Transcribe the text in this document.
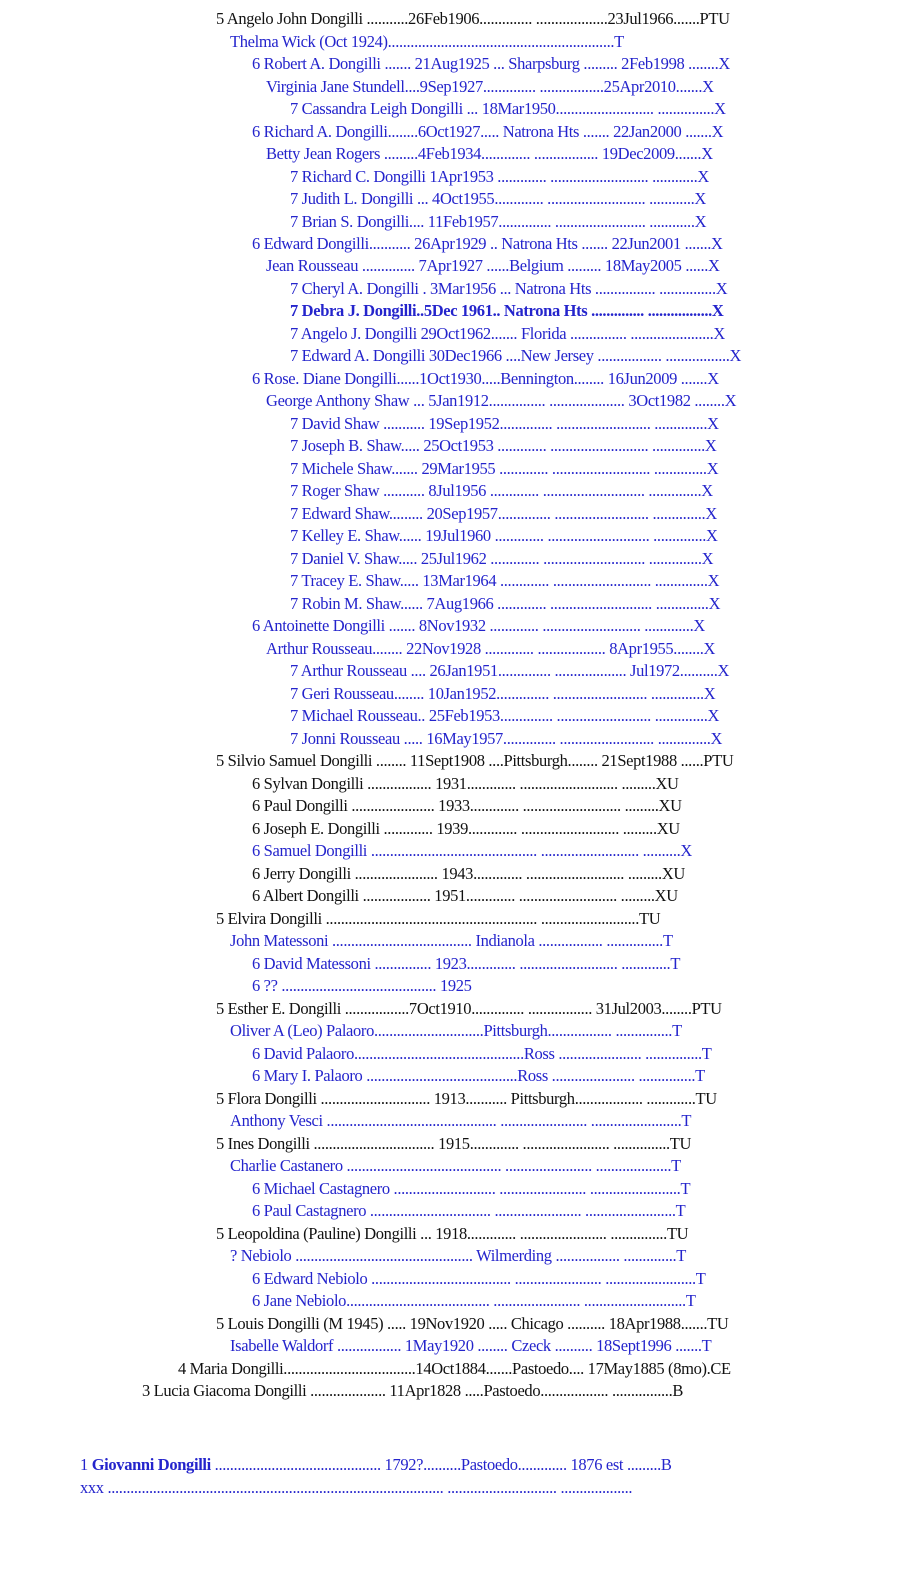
5 Angelo John Dongilli ...........26Feb1906.............. ...................23Jul1966.......PTU
Thelma Wick (Oct 1924)............................................................T
6 Robert A. Dongilli ....... 21Aug1925 ... Sharpsburg ......... 2Feb1998 ........X
Virginia Jane Stundell....9Sep1927.............. .................25Apr2010.......X
7 Cassandra Leigh Dongilli ... 18Mar1950.......................... ...............X
6 Richard A. Dongilli........6Oct1927..... Natrona Hts ....... 22Jan2000 .......X
Betty Jean Rogers .........4Feb1934............. ................. 19Dec2009.......X
7 Richard C. Dongilli 1Apr1953 ............. .......................... ............X
7 Judith L. Dongilli ... 4Oct1955............. .......................... ............X
7 Brian S. Dongilli.... 11Feb1957.............. ........................ ............X
6 Edward Dongilli........... 26Apr1929 .. Natrona Hts ....... 22Jun2001 .......X
Jean Rousseau .............. 7Apr1927 ......Belgium ......... 18May2005 ......X
7 Cheryl A. Dongilli . 3Mar1956 ... Natrona Hts ................ ...............X
7 Debra J. Dongilli..5Dec 1961.. Natrona Hts .............. .................X
7 Angelo J. Dongilli 29Oct1962....... Florida ............... ......................X
7 Edward A. Dongilli 30Dec1966 ....New Jersey ................. .................X
6 Rose. Diane Dongilli......1Oct1930.....Bennington........ 16Jun2009 .......X
George Anthony Shaw ... 5Jan1912............... .................... 3Oct1982 ........X
7 David Shaw ........... 19Sep1952.............. ......................... ..............X
7 Joseph B. Shaw..... 25Oct1953 ............. .......................... ..............X
7 Michele Shaw....... 29Mar1955 ............. .......................... ..............X
7 Roger Shaw ........... 8Jul1956 ............. ........................... ..............X
7 Edward Shaw......... 20Sep1957.............. ......................... ..............X
7 Kelley E. Shaw...... 19Jul1960 ............. ........................... ..............X
7 Daniel V. Shaw..... 25Jul1962 ............. ........................... ..............X
7 Tracey E. Shaw..... 13Mar1964 ............. .......................... ..............X
7 Robin M. Shaw...... 7Aug1966 ............. ........................... ..............X
6 Antoinette Dongilli ....... 8Nov1932 ............. .......................... .............X
Arthur Rousseau........ 22Nov1928 ............. .................. 8Apr1955........X
7 Arthur Rousseau .... 26Jan1951.............. ................... Jul1972..........X
7 Geri Rousseau........ 10Jan1952.............. ......................... ..............X
7 Michael Rousseau.. 25Feb1953.............. ......................... ..............X
7 Jonni Rousseau ..... 16May1957.............. ......................... ..............X
5 Silvio Samuel Dongilli ........ 11Sept1908 ....Pittsburgh........ 21Sept1988 ......PTU
6 Sylvan Dongilli ................. 1931............. .......................... .........XU
6 Paul Dongilli ...................... 1933............. .......................... .........XU
6 Joseph E. Dongilli ............. 1939............. .......................... .........XU
6 Samuel Dongilli ............................................ .......................... ..........X
6 Jerry Dongilli ...................... 1943............. .......................... .........XU
6 Albert Dongilli .................. 1951............. .......................... .........XU
5 Elvira Dongilli ........................................................ ..........................TU
John Matessoni ..................................... Indianola ................. ...............T
6 David Matessoni ............... 1923............. .......................... .............T
6 ?? ......................................... 1925
5 Esther E. Dongilli .................7Oct1910.............. ................. 31Jul2003........PTU
Oliver A (Leo) Palaoro.............................Pittsburgh................. ...............T
6 David Palaoro.............................................Ross ...................... ...............T
6 Mary I. Palaoro ........................................Ross ...................... ...............T
5 Flora Dongilli ............................. 1913........... Pittsburgh.................. .............TU
Anthony Vesci ............................................. ....................... ........................T
5 Ines Dongilli ................................ 1915............. ....................... ...............TU
Charlie Castanero ......................................... ....................... ....................T
6 Michael Castagnero ........................... ....................... ........................T
6 Paul Castagnero ................................ ....................... ........................T
5 Leopoldina (Pauline) Dongilli ... 1918............. ....................... ...............TU
? Nebiolo ............................................... Wilmerding ................. ..............T
6 Edward Nebiolo ..................................... ....................... ........................T
6 Jane Nebiolo...................................... ....................... ...........................T
5 Louis Dongilli (M 1945) ..... 19Nov1920 ..... Chicago .......... 18Apr1988.......TU
Isabelle Waldorf ................. 1May1920 ........ Czeck .......... 18Sept1996 .......T
4 Maria Dongilli...................................14Oct1884.......Pastoedo.... 17May1885 (8mo).CE
3 Lucia Giacoma Dongilli .................... 11Apr1828 .....Pastoedo.................. ................B
1 Giovanni Dongilli ............................................ 1792?..........Pastoedo............. 1876 est .........B
xxx ......................................................................................... ............................. ...................
